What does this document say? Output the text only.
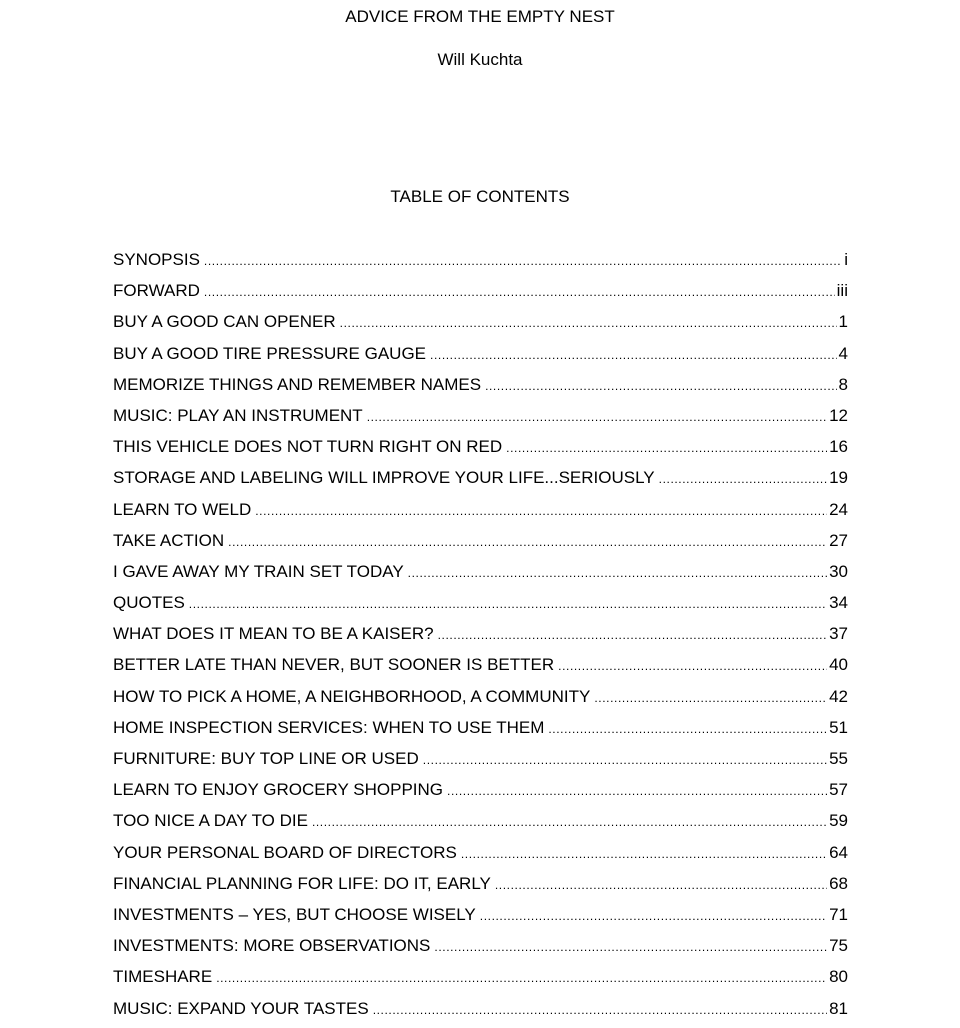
ADVICE FROM THE EMPTY NEST
Will Kuchta
TABLE OF CONTENTS
SYNOPSIS .....	i
FORWARD .....	iii
BUY A GOOD CAN OPENER .....	1
BUY A GOOD TIRE PRESSURE GAUGE .....	4
MEMORIZE THINGS AND REMEMBER NAMES .....	8
MUSIC: PLAY AN INSTRUMENT .....	12
THIS VEHICLE DOES NOT TURN RIGHT ON RED .....	16
STORAGE AND LABELING WILL IMPROVE YOUR LIFE...SERIOUSLY .....	19
LEARN TO WELD .....	24
TAKE ACTION .....	27
I GAVE AWAY MY TRAIN SET TODAY .....	30
QUOTES .....	34
WHAT DOES IT MEAN TO BE A KAISER? .....	37
BETTER LATE THAN NEVER, BUT SOONER IS BETTER .....	40
HOW TO PICK A HOME, A NEIGHBORHOOD, A COMMUNITY .....	42
HOME INSPECTION SERVICES: WHEN TO USE THEM .....	51
FURNITURE: BUY TOP LINE OR USED .....	55
LEARN TO ENJOY GROCERY SHOPPING .....	57
TOO NICE A DAY TO DIE .....	59
YOUR PERSONAL BOARD OF DIRECTORS .....	64
FINANCIAL PLANNING FOR LIFE: DO IT, EARLY .....	68
INVESTMENTS – YES, BUT CHOOSE WISELY .....	71
INVESTMENTS: MORE OBSERVATIONS .....	75
TIMESHARE .....	80
MUSIC: EXPAND YOUR TASTES .....	81
